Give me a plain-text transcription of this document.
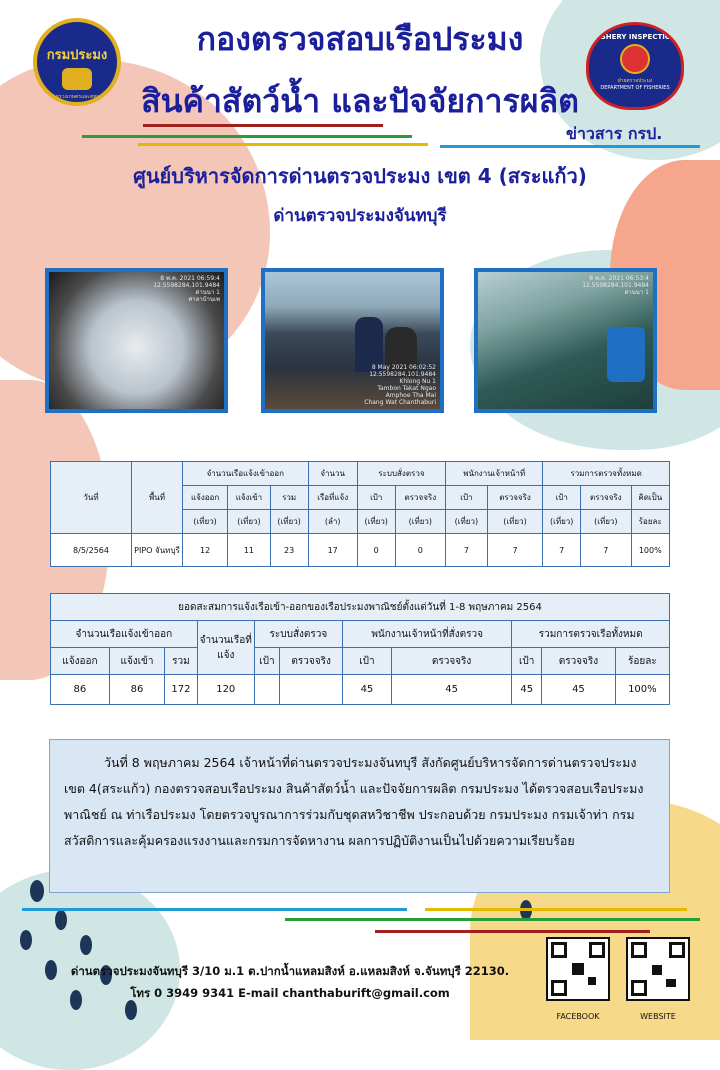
กรมประมง
กระทรวงเกษตรและสหกรณ์
FISHERY INSPECTION
ฝ่ายตรวจประมง
DEPARTMENT OF FISHERIES
กองตรวจสอบเรือประมง
สินค้าสัตว์น้ำ และปัจจัยการผลิต
ข่าวสาร กรป.
ศูนย์บริหารจัดการด่านตรวจประมง เขต 4 (สระแก้ว)
ด่านตรวจประมงจันทบุรี
8 พ.ค. 2021 06:59:4
12.5598284,101.9484
ด่านนา 1
ศาลาบ้านเพ
8 May 2021 06:02:52
12.5598284,101.9484
Khlong Nu 1
Tambon Takat Ngao
Amphoe Tha Mai
Chang Wat Chanthaburi
8 พ.ค. 2021 06:53:4
12.5598284,101.9484
ด่านนา 1
วันที่	พื้นที่	จำนวนเรือแจ้งเข้าออก			จำนวน	ระบบสั่งตรวจ		พนักงานเจ้าหน้าที่		รวมการตรวจทั้งหมด		
		แจ้งออก	แจ้งเข้า	รวม	เรือที่แจ้ง	เป้า	ตรวจจริง	เป้า	ตรวจจริง	เป้า	ตรวจจริง	คิดเป็น
		(เที่ยว)	(เที่ยว)	(เที่ยว)	(ลำ)	(เที่ยว)	(เที่ยว)	(เที่ยว)	(เที่ยว)	(เที่ยว)	(เที่ยว)	ร้อยละ
8/5/2564	PIPO จันทบุรี	12	11	23	17	0	0	7	7	7	7	100%
ยอดสะสมการแจ้งเรือเข้า-ออกของเรือประมงพาณิชย์ตั้งแต่วันที่ 1-8 พฤษภาคม 2564										
จำนวนเรือแจ้งเข้าออก			จำนวนเรือที่แจ้ง	ระบบสั่งตรวจ		พนักงานเจ้าหน้าที่สั่งตรวจ		รวมการตรวจเรือทั้งหมด		
แจ้งออก	แจ้งเข้า	รวม		เป้า	ตรวจจริง	เป้า	ตรวจจริง	เป้า	ตรวจจริง	ร้อยละ
86	86	172	120			45	45	45	45	100%

วันที่ 8 พฤษภาคม 2564 เจ้าหน้าที่ด่านตรวจประมงจันทบุรี สังกัดศูนย์บริหารจัดการด่านตรวจประมงเขต 4(สระแก้ว) กองตรวจสอบเรือประมง สินค้าสัตว์น้ำ และปัจจัยการผลิต กรมประมง ได้ตรวจสอบเรือประมงพาณิชย์ ณ ท่าเรือประมง โดยตรวจบูรณาการร่วมกับชุดสหวิชาชีพ ประกอบด้วย กรมประมง กรมเจ้าท่า กรมสวัสดิการและคุ้มครองแรงงานและกรมการจัดหางาน ผลการปฏิบัติงานเป็นไปด้วยความเรียบร้อย

ด่านตรวจประมงจันทบุรี 3/10 ม.1 ต.ปากน้ำแหลมสิงห์ อ.แหลมสิงห์ จ.จันทบุรี 22130.
โทร 0 3949 9341 E-mail chanthaburift@gmail.com
FACEBOOK	WEBSITE
